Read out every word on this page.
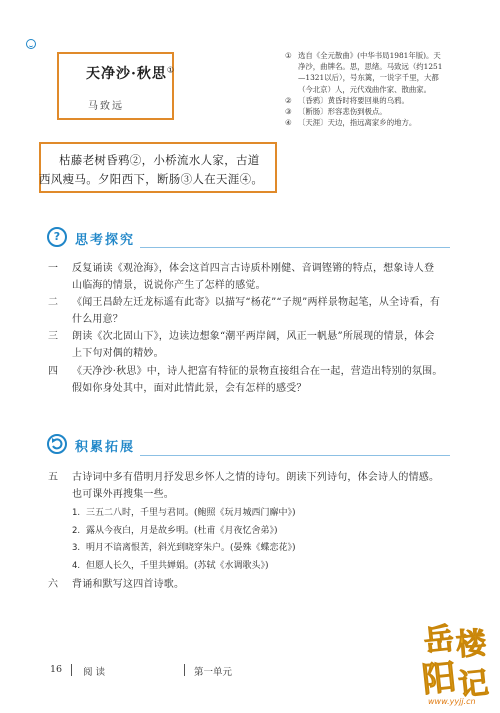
天净沙·秋思①
马致远
枯藤老树昏鸦②，小桥流水人家，古道
西风瘦马。夕阳西下，断肠③人在天涯④。
① 选自《全元散曲》(中华书局1981年版)。天净沙，曲牌名。思，思绪。马致远（约1251—1321以后），号东篱，一说字千里，大都（今北京）人，元代戏曲作家、散曲家。
② 〔昏鸦〕黄昏时将要回巢的乌鸦。
③ 〔断肠〕形容悲伤到极点。
④ 〔天涯〕天边，指远离家乡的地方。
?	思考探究
一 反复诵读《观沧海》，体会这首四言古诗质朴刚健、音调铿锵的特点，想象诗人登山临海的情景，说说你产生了怎样的感觉。
二 《闻王昌龄左迁龙标遥有此寄》以描写“杨花”“子规”两样景物起笔，从全诗看，有什么用意？
三 朗读《次北固山下》，边读边想象“潮平两岸阔，风正一帆悬”所展现的情景，体会上下句对偶的精妙。
四 《天净沙·秋思》中，诗人把富有特征的景物直接组合在一起，营造出特别的氛围。假如你身处其中，面对此情此景，会有怎样的感受？
积累拓展
五 古诗词中多有借明月抒发思乡怀人之情的诗句。朗读下列诗句，体会诗人的情感。也可课外再搜集一些。
1. 三五二八时，千里与君同。(鲍照《玩月城西门廨中》)
2. 露从今夜白，月是故乡明。(杜甫《月夜忆舍弟》)
3. 明月不谙离恨苦，斜光到晓穿朱户。(晏殊《蝶恋花》)
4. 但愿人长久，千里共婵娟。(苏轼《水调歌头》)
六 背诵和默写这四首诗歌。
16 阅 读	第一单元
岳 楼
阳
记
www.yyjj.cn
